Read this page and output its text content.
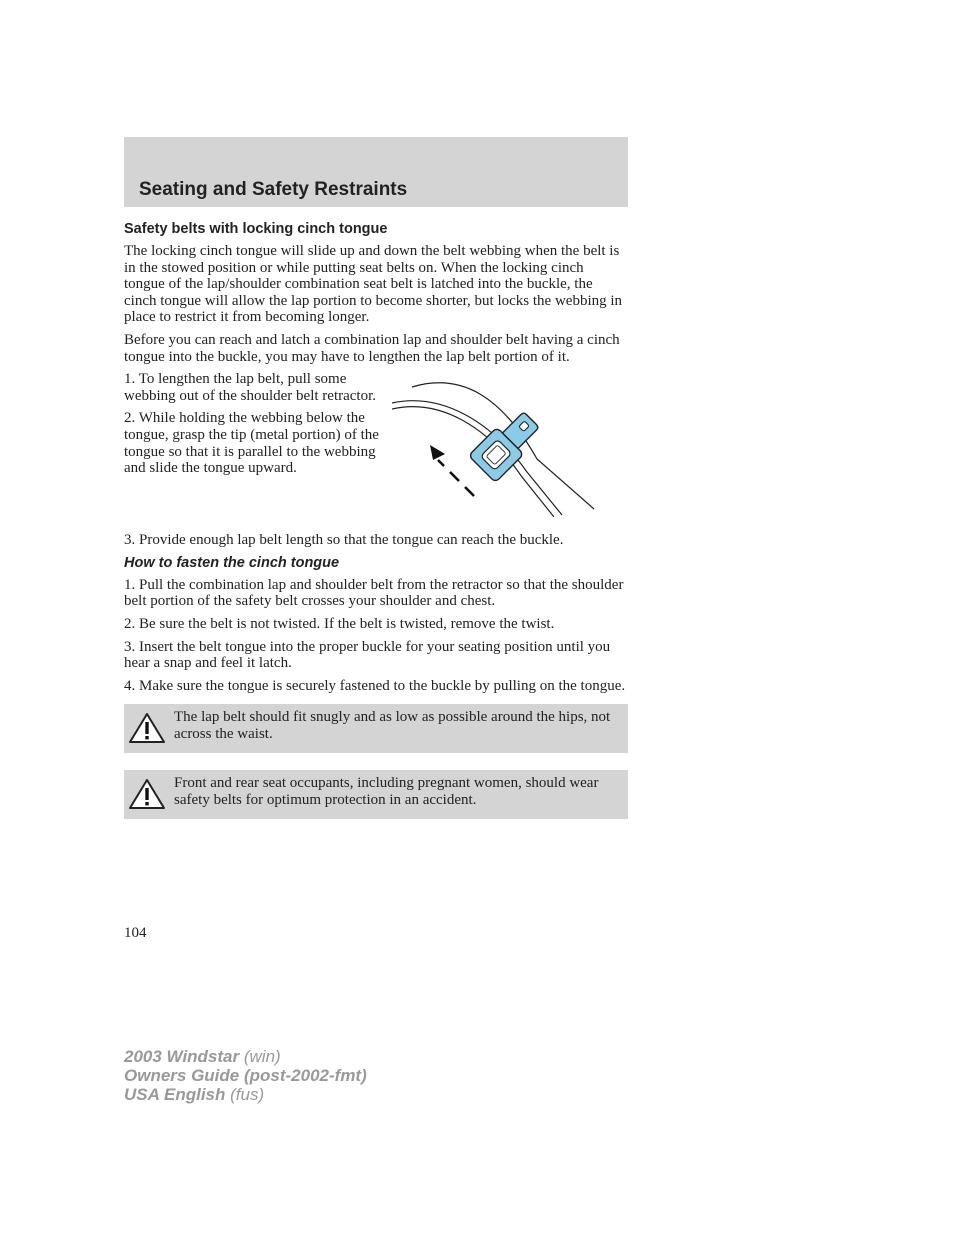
Seating and Safety Restraints
Safety belts with locking cinch tongue

The locking cinch tongue will slide up and down the belt webbing when the belt is in the stowed position or while putting seat belts on. When the locking cinch tongue of the lap/shoulder combination seat belt is latched into the buckle, the cinch tongue will allow the lap portion to become shorter, but locks the webbing in place to restrict it from becoming longer.

Before you can reach and latch a combination lap and shoulder belt having a cinch tongue into the buckle, you may have to lengthen the lap belt portion of it.

1. To lengthen the lap belt, pull some webbing out of the shoulder belt retractor.

2. While holding the webbing below the tongue, grasp the tip (metal portion) of the tongue so that it is parallel to the webbing and slide the tongue upward.

3. Provide enough lap belt length so that the tongue can reach the buckle.

How to fasten the cinch tongue

1. Pull the combination lap and shoulder belt from the retractor so that the shoulder belt portion of the safety belt crosses your shoulder and chest.

2. Be sure the belt is not twisted. If the belt is twisted, remove the twist.

3. Insert the belt tongue into the proper buckle for your seating position until you hear a snap and feel it latch.

4. Make sure the tongue is securely fastened to the buckle by pulling on the tongue.

The lap belt should fit snugly and as low as possible around the hips, not across the waist.

Front and rear seat occupants, including pregnant women, should wear safety belts for optimum protection in an accident.

104

2003 Windstar (win)
Owners Guide (post-2002-fmt)
USA English (fus)
